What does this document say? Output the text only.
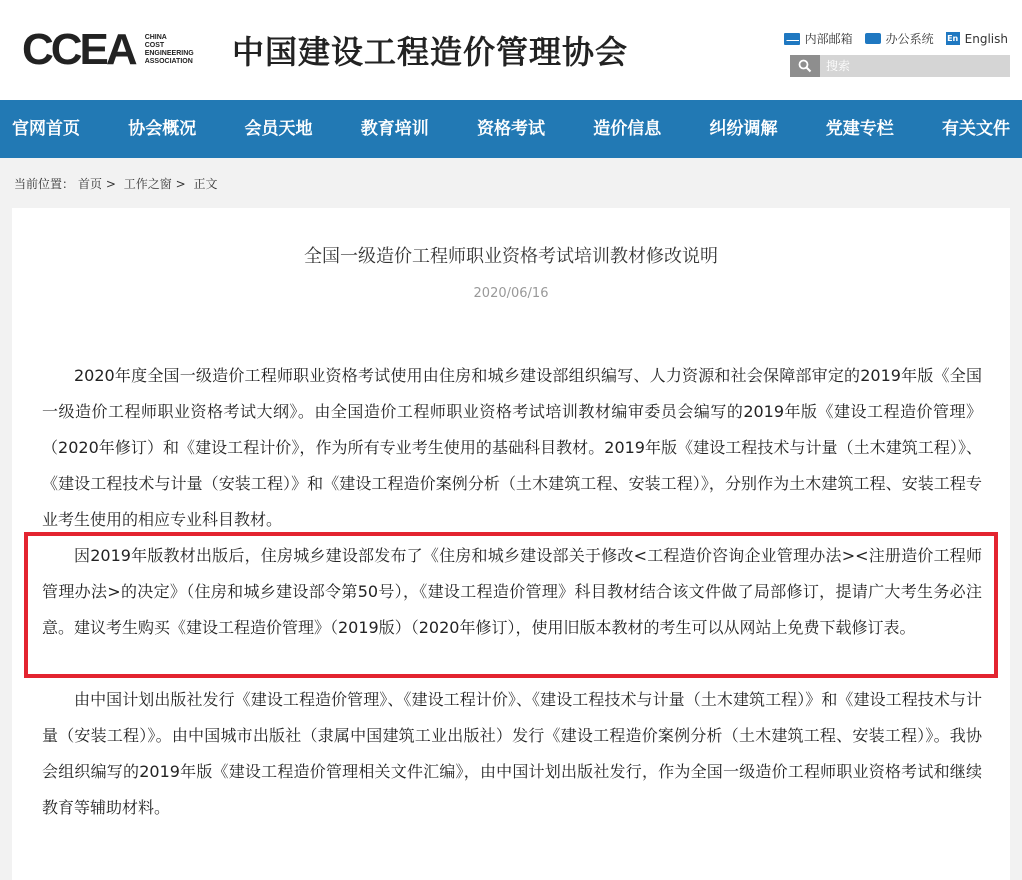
CCEA CHINA
COST
ENGINEERING
ASSOCIATION 中国建设工程造价管理协会	内部邮箱	办公系统 En English
搜索
官网首页	协会概况	会员天地	教育培训	资格考试	造价信息	纠纷调解	党建专栏	有关文件
当前位置： 首页 > 工作之窗 > 正文
全国一级造价工程师职业资格考试培训教材修改说明
2020/06/16

2020年度全国一级造价工程师职业资格考试使用由住房和城乡建设部组织编写、人力资源和社会保障部审定的2019年版《全国一级造价工程师职业资格考试大纲》。由全国造价工程师职业资格考试培训教材编审委员会编写的2019年版《建设工程造价管理》（2020年修订）和《建设工程计价》，作为所有专业考生使用的基础科目教材。2019年版《建设工程技术与计量（土木建筑工程）》、《建设工程技术与计量（安装工程）》和《建设工程造价案例分析（土木建筑工程、安装工程）》，分别作为土木建筑工程、安装工程专业考生使用的相应专业科目教材。

因2019年版教材出版后，住房城乡建设部发布了《住房和城乡建设部关于修改<工程造价咨询企业管理办法><注册造价工程师管理办法>的决定》（住房和城乡建设部令第50号），《建设工程造价管理》科目教材结合该文件做了局部修订，提请广大考生务必注意。建议考生购买《建设工程造价管理》（2019版）（2020年修订），使用旧版本教材的考生可以从网站上免费下载修订表。

由中国计划出版社发行《建设工程造价管理》、《建设工程计价》、《建设工程技术与计量（土木建筑工程）》和《建设工程技术与计量（安装工程）》。由中国城市出版社（隶属中国建筑工业出版社）发行《建设工程造价案例分析（土木建筑工程、安装工程）》。我协会组织编写的2019年版《建设工程造价管理相关文件汇编》，由中国计划出版社发行，作为全国一级造价工程师职业资格考试和继续教育等辅助材料。
